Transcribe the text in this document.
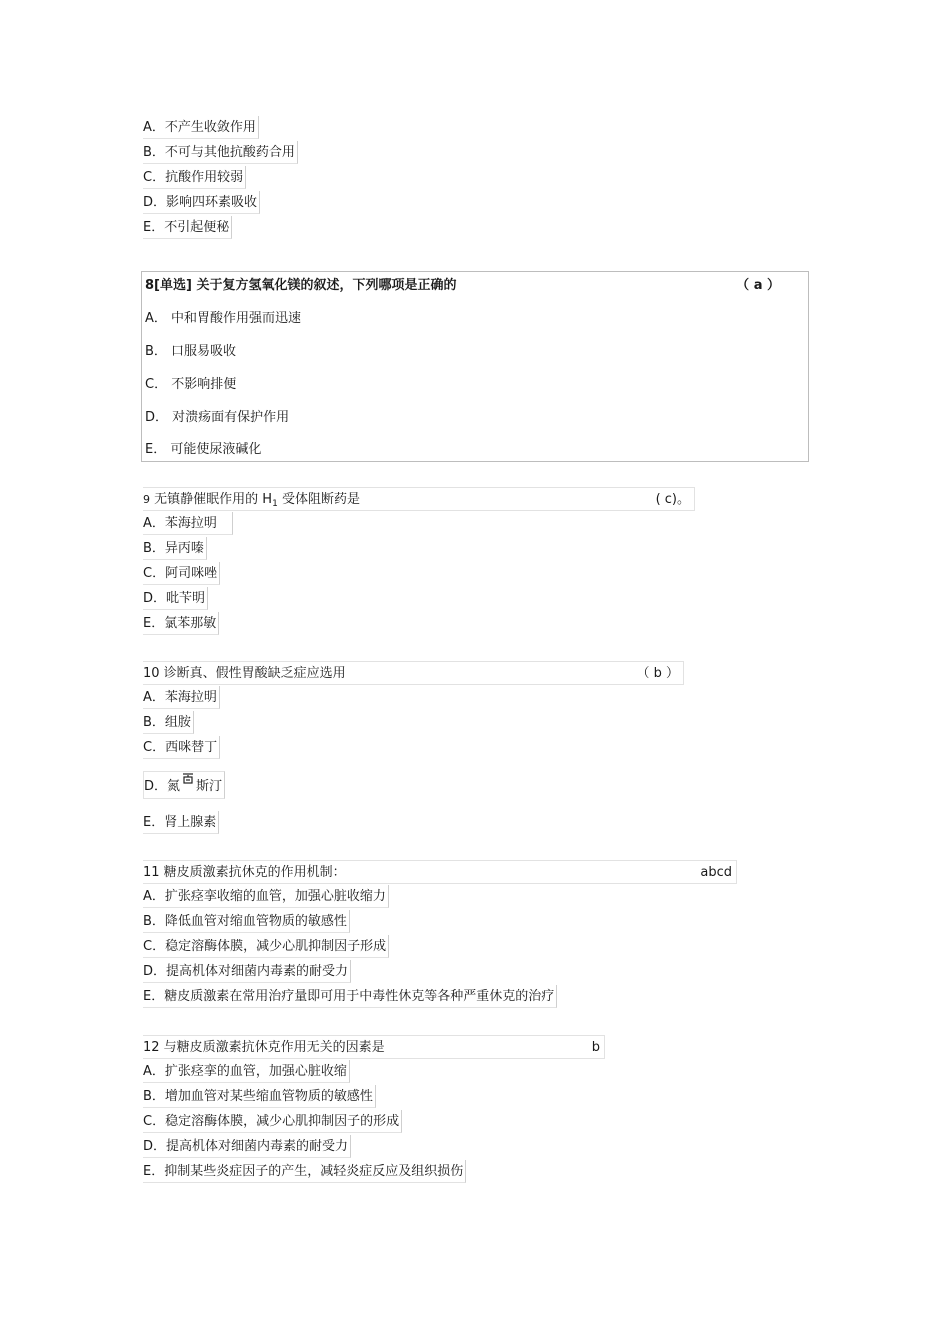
A．不产生收敛作用
B．不可与其他抗酸药合用
C．抗酸作用较弱
D．影响四环素吸收
E．不引起便秘
8[单选] 关于复方氢氧化镁的叙述，下列哪项是正确的	（ a ）
A． 中和胃酸作用强而迅速
B． 口服易吸收
C． 不影响排便
D． 对溃疡面有保护作用
E． 可能使尿液碱化
9 无镇静催眠作用的 $H_1$ 受体阻断药是	( c)。
A．苯海拉明
B．异丙嗪
C．阿司咪唑
D．吡苄明
E．氯苯那敏
10 诊断真、假性胃酸缺乏症应选用	（ b ）
A．苯海拉明
B．组胺
C．西咪替丁
D．氮 斯汀
E．肾上腺素
11 糖皮质激素抗休克的作用机制：	abcd
A．扩张痉挛收缩的血管，加强心脏收缩力
B．降低血管对缩血管物质的敏感性
C．稳定溶酶体膜，减少心肌抑制因子形成
D．提高机体对细菌内毒素的耐受力
E．糖皮质激素在常用治疗量即可用于中毒性休克等各种严重休克的治疗
12 与糖皮质激素抗休克作用无关的因素是	b
A．扩张痉挛的血管，加强心脏收缩
B．增加血管对某些缩血管物质的敏感性
C．稳定溶酶体膜，减少心肌抑制因子的形成
D．提高机体对细菌内毒素的耐受力
E．抑制某些炎症因子的产生，减轻炎症反应及组织损伤
